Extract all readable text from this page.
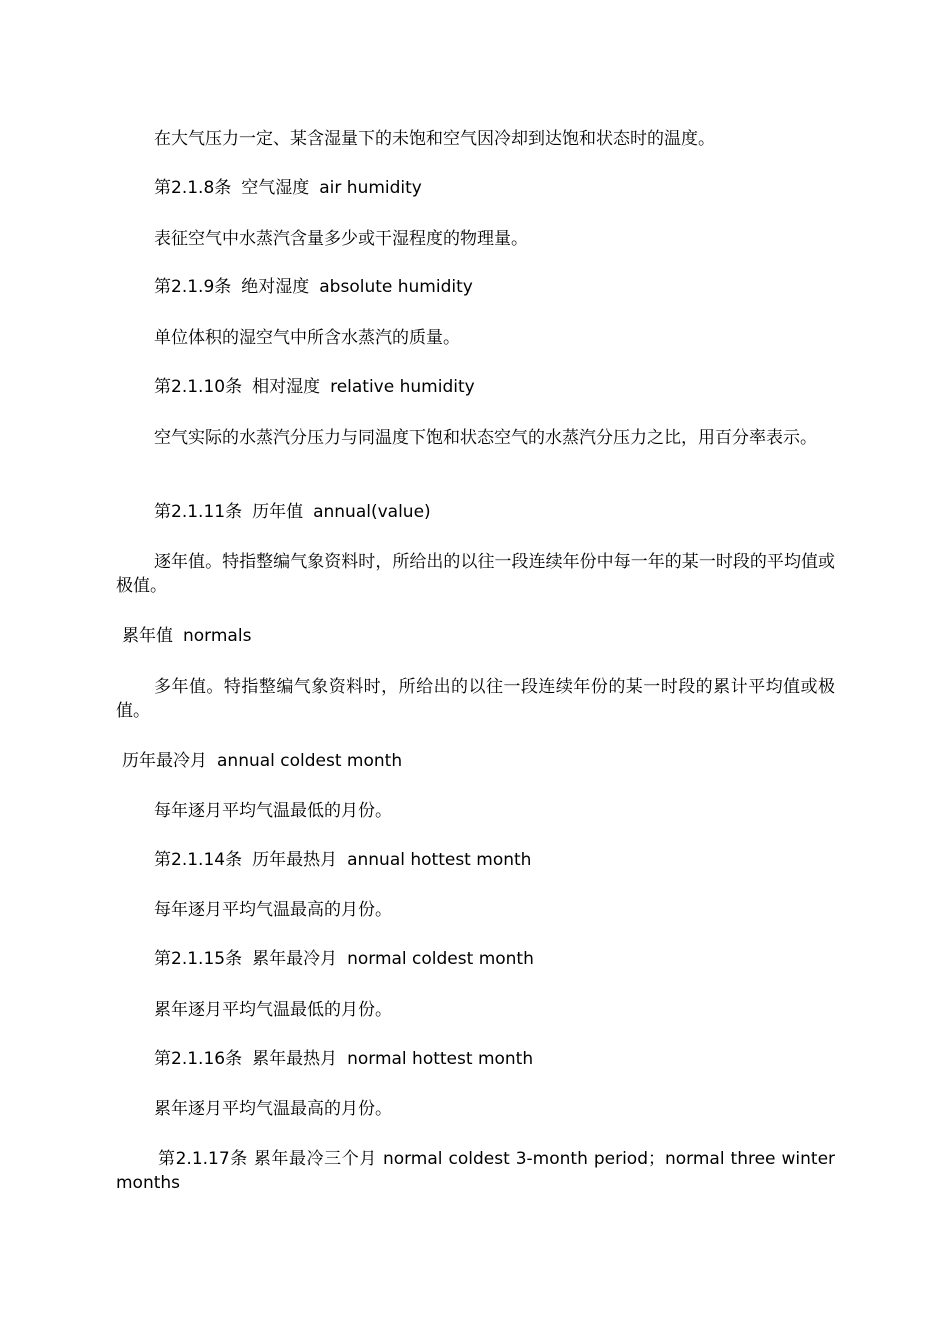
在大气压力一定、某含湿量下的未饱和空气因冷却到达饱和状态时的温度。

第2.1.8条 空气湿度 air humidity

表征空气中水蒸汽含量多少或干湿程度的物理量。

第2.1.9条 绝对湿度 absolute humidity

单位体积的湿空气中所含水蒸汽的质量。

第2.1.10条 相对湿度 relative humidity

空气实际的水蒸汽分压力与同温度下饱和状态空气的水蒸汽分压力之比，用百分率表示。

第2.1.11条 历年值 annual(value)

逐年值。特指整编气象资料时，所给出的以往一段连续年份中每一年的某一时段的平均值或极值。

累年值 normals

多年值。特指整编气象资料时，所给出的以往一段连续年份的某一时段的累计平均值或极值。

历年最冷月 annual coldest month

每年逐月平均气温最低的月份。

第2.1.14条 历年最热月 annual hottest month

每年逐月平均气温最高的月份。

第2.1.15条 累年最冷月 normal coldest month

累年逐月平均气温最低的月份。

第2.1.16条 累年最热月 normal hottest month

累年逐月平均气温最高的月份。

第2.1.17条 累年最冷三个月 normal coldest 3-month period；normal three winter months
